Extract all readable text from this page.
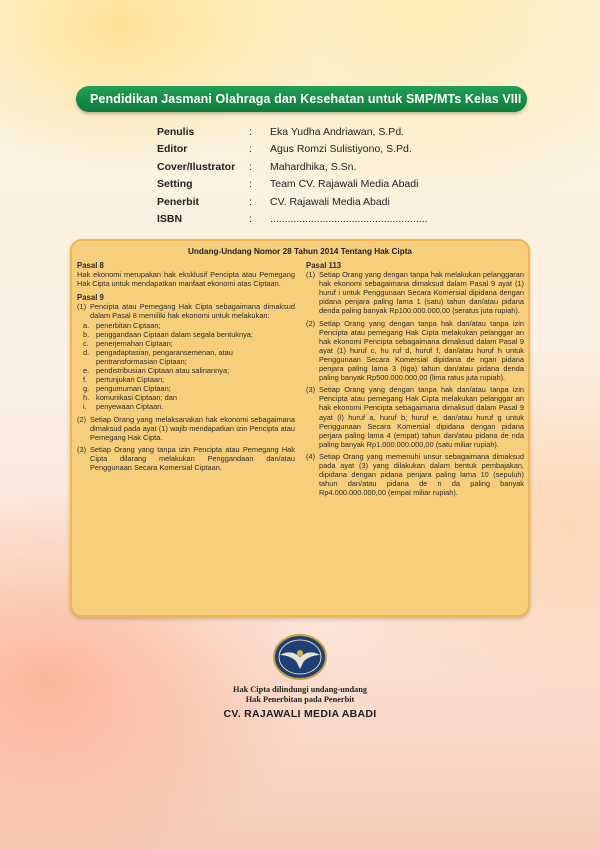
Pendidikan Jasmani Olahraga dan Kesehatan untuk SMP/MTs Kelas VIII
Penulis	:	Eka Yudha Andriawan, S.Pd.
Editor	:	Agus Romzi Sulistiyono, S.Pd.
Cover/Ilustrator	:	Mahardhika, S.Sn.
Setting	:	Team CV. Rajawali Media Abadi
Penerbit	:	CV. Rajawali Media Abadi
ISBN	:	......................................................
Undang-Undang Nomor 28 Tahun 2014 Tentang Hak Cipta
Pasal 8
Hak ekonomi merupakan hak eksklusif Pencipta atau Pemegang Hak Cipta untuk mendapatkan manfaat ekonomi atas Ciptaan.
Pasal 9
(1) Pencipta atau Pemegang Hak Cipta sebagaimana dimaksud dalam Pasal 8 memiliki hak ekonomi untuk melakukan:
a. penerbitan Ciptaan;
b. penggandaan Ciptaan dalam segala bentuknya;
c. penerjemahan Ciptaan;
d. pengadaptasian, pengaransemenan, atau pentransformasian Ciptaan;
e. pendistribusian Ciptaan atau salinannya;
f.	pertunjukan Ciptaan;
g. pengumuman Ciptaan;
h. komunikasi Ciptaan; dan
i.	penyewaan Ciptaan.
(2) Setiap Orang yang melaksanakan hak ekonomi sebagaimana dimaksud pada ayat (1) wajib mendapatkan izin Pencipta atau Pemegang Hak Cipta.
(3) Setiap Orang yang tanpa izin Pencipta atau Pemegang Hak Cipta dilarang melakukan Penggandaan dan/atau Penggunaan Secara Komersial Ciptaan.
Pasal 113
(1) Setiap Orang yang dengan tanpa hak melakukan pelanggaran hak ekonomi sebagaimana dimaksud dalam Pasal 9 ayat (1) huruf i untuk Penggunaan Secara Komersial dipidana dengan pidana penjara paling lama 1 (satu) tahun dan/atau pidana denda paling banyak Rp100.000.000,00 (seratus juta rupiah).
(2) Setiap Orang yang dengan tanpa hak dan/atau tanpa izin Pencipta atau pemegang Hak Cipta melakukan pelanggar an hak ekonomi Pencipta sebagaimana dimaksud dalam Pasal 9 ayat (1) huruf c, hu ruf d, huruf f, dan/atau huruf h untuk Penggunaan Secara Komersial dipidana de ngan pidana penjara paling lama 3 (tiga) tahun dan/atau pidana denda paling banyak Rp500.000.000,00 (lima ratus juta rupiah).
(3) Setiap Orang yang dengan tanpa hak dan/atau tanpa izin Pencipta atau pemegang Hak Cipta melakukan pelanggar an hak ekonomi Pencipta sebagaimana dimaksud dalam Pasal 9 ayat (l) huruf a, huruf b, huruf e, dan/atau huruf g untuk Penggunaan Secara Komersial dipidana dengan pidana perjara paling lama 4 (empat) tahun dan/atau pidana de nda paling banyak Rp1.000.000.000,00 (satu miliar rupiah).
(4) Setiap Orang yang memenuhi unsur sebagaimana dimaksud pada ayat (3) yang dilakukan dalam bentuk pembajakan, dipidana dengan pidana penjara paling lama 10 (sepuluh) tahun dan/atau pidana de n da paling banyak Rp4.000.000.000,00 (empat miliar rupiah).
Hak Cipta dilindungi undang-undang
Hak Penerbitan pada Penerbit
CV. RAJAWALI MEDIA ABADI
